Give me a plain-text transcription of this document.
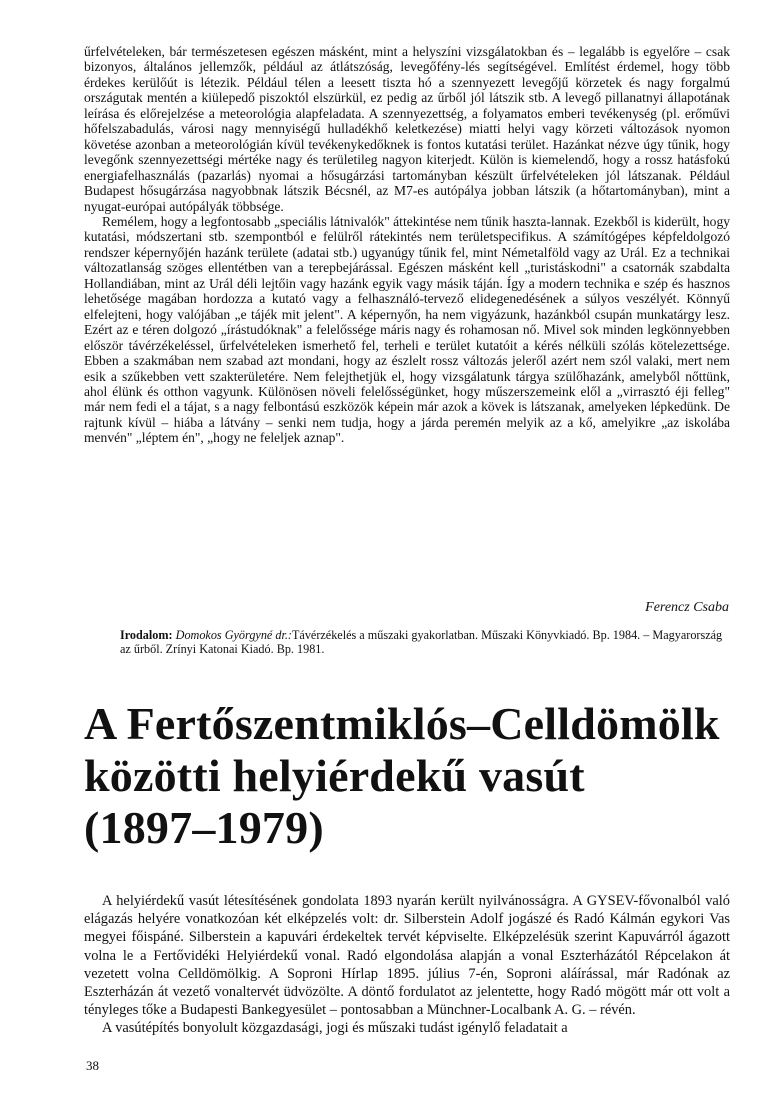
űrfelvételeken, bár természetesen egészen másként, mint a helyszíni vizsgálatokban és – legalább is egyelőre – csak bizonyos, általános jellemzők, például az átlátszóság, levegőfény-lés segítségével. Említést érdemel, hogy több érdekes kerülőút is létezik. Például télen a leesett tiszta hó a szennyezett levegőjű körzetek és nagy forgalmú országutak mentén a kiülepedő piszoktól elszürkül, ez pedig az űrből jól látszik stb. A levegő pillanatnyi állapotának leírása és előrejelzése a meteorológia alapfeladata. A szennyezettség, a folyamatos emberi tevékenység (pl. erőművi hőfelszabadulás, városi nagy mennyiségű hulladékhő keletkezése) miatti helyi vagy körzeti változások nyomon követése azonban a meteorológián kívül tevékenykedőknek is fontos kutatási terület. Hazánkat nézve úgy tűnik, hogy levegőnk szennyezettségi mértéke nagy és területileg nagyon kiterjedt. Külön is kiemelendő, hogy a rossz hatásfokú energiafelhasználás (pazarlás) nyomai a hősugárzási tartományban készült űrfelvételeken jól látszanak. Például Budapest hősugárzása nagyobbnak látszik Bécsnél, az M7-es autópálya jobban látszik (a hőtartományban), mint a nyugat-európai autópályák többsége.

Remélem, hogy a legfontosabb „speciális látnivalók" áttekintése nem tűnik haszta-lannak. Ezekből is kiderült, hogy kutatási, módszertani stb. szempontból e felülről rátekintés nem területspecifikus. A számítógépes képfeldolgozó rendszer képernyőjén hazánk területe (adatai stb.) ugyanúgy tűnik fel, mint Németalföld vagy az Urál. Ez a technikai változatlanság szöges ellentétben van a terepbejárással. Egészen másként kell „turistáskodni" a csatornák szabdalta Hollandiában, mint az Urál déli lejtőin vagy hazánk egyik vagy másik táján. Így a modern technika e szép és hasznos lehetősége magában hordozza a kutató vagy a felhasználó-tervező elidegenedésének a súlyos veszélyét. Könnyű elfelejteni, hogy valójában „e tájék mit jelent". A képernyőn, ha nem vigyázunk, hazánkból csupán munkatárgy lesz. Ezért az e téren dolgozó „írástudóknak" a felelőssége máris nagy és rohamosan nő. Mivel sok minden legkönnyebben először távérzékeléssel, űrfelvételeken ismerhető fel, terheli e terület kutatóit a kérés nélküli szólás kötelezettsége. Ebben a szakmában nem szabad azt mondani, hogy az észlelt rossz változás jeleről azért nem szól valaki, mert nem esik a szűkebben vett szakterületére. Nem felejthetjük el, hogy vizsgálatunk tárgya szülőhazánk, amelyből nőttünk, ahol élünk és otthon vagyunk. Különösen növeli felelősségünket, hogy műszerszemeink elől a „virrasztó éji felleg" már nem fedi el a tájat, s a nagy felbontású eszközök képein már azok a kövek is látszanak, amelyeken lépkedünk. De rajtunk kívül – hiába a látvány – senki nem tudja, hogy a járda peremén melyik az a kő, amelyikre „az iskolába menvén" „léptem én", „hogy ne feleljek aznap".

Ferencz Csaba
Irodalom: Domokos Györgyné dr.:Távérzékelés a műszaki gyakorlatban. Műszaki Könyvkiadó. Bp. 1984. – Magyarország az űrből. Zrínyi Katonai Kiadó. Bp. 1981.
A Fertőszentmiklós–Celldömölk
közötti helyiérdekű vasút
(1897–1979)

A helyiérdekű vasút létesítésének gondolata 1893 nyarán került nyilvánosságra. A GYSEV-fővonalból való elágazás helyére vonatkozóan két elképzelés volt: dr. Silberstein Adolf jogászé és Radó Kálmán egykori Vas megyei főispáné. Silberstein a kapuvári érdekeltek tervét képviselte. Elképzelésük szerint Kapuvárról ágazott volna le a Fertővidéki Helyiérdekű vonal. Radó elgondolása alapján a vonal Eszterházától Répcelakon át vezetett volna Celldömölkig. A Soproni Hírlap 1895. július 7-én, Soproni aláírással, már Radónak az Eszterházán át vezető vonaltervét üdvözölte. A döntő fordulatot az jelentette, hogy Radó mögött már ott volt a tényleges tőke a Budapesti Bankegyesület – pontosabban a Münchner-Localbank A. G. – révén.

A vasútépítés bonyolult közgazdasági, jogi és műszaki tudást igénylő feladatait a

38
